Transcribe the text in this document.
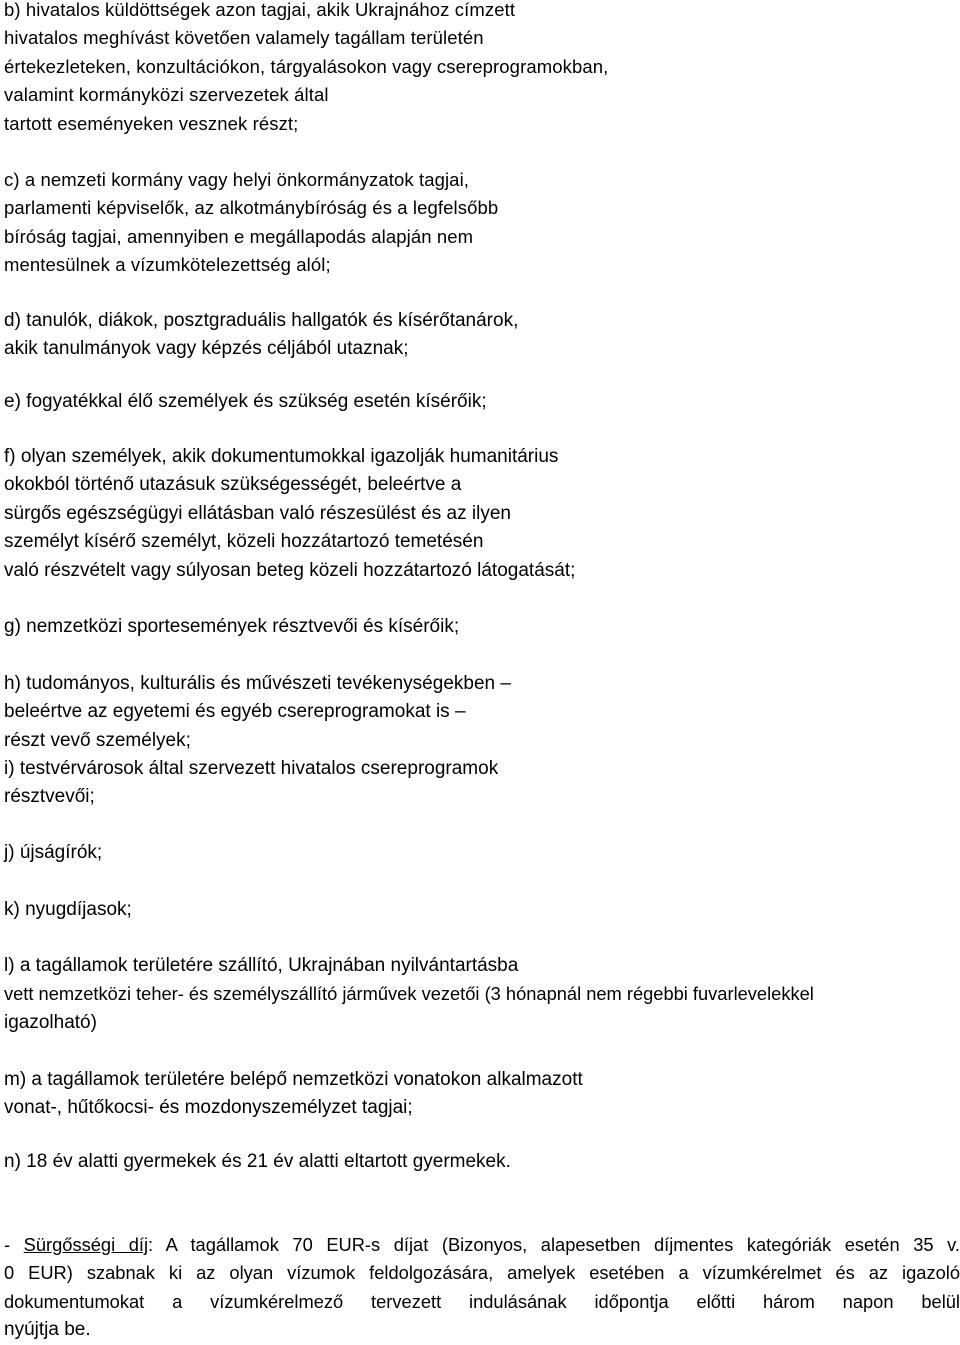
b) hivatalos küldöttségek azon tagjai, akik Ukrajnához címzett
hivatalos meghívást követően valamely tagállam területén
értekezleteken, konzultációkon, tárgyalásokon vagy csereprogramokban,
valamint kormányközi szervezetek által
tartott eseményeken vesznek részt;
c) a nemzeti kormány vagy helyi önkormányzatok tagjai,
parlamenti képviselők, az alkotmánybíróság és a legfelsőbb
bíróság tagjai, amennyiben e megállapodás alapján nem
mentesülnek a vízumkötelezettség alól;
d) tanulók, diákok, posztgraduális hallgatók és kísérőtanárok,
akik tanulmányok vagy képzés céljából utaznak;
e) fogyatékkal élő személyek és szükség esetén kísérőik;
f) olyan személyek, akik dokumentumokkal igazolják humanitárius
okokból történő utazásuk szükségességét, beleértve a
sürgős egészségügyi ellátásban való részesülést és az ilyen
személyt kísérő személyt, közeli hozzátartozó temetésén
való részvételt vagy súlyosan beteg közeli hozzátartozó látogatását;
g) nemzetközi sportesemények résztvevői és kísérőik;
h) tudományos, kulturális és művészeti tevékenységekben –
beleértve az egyetemi és egyéb csereprogramokat is –
részt vevő személyek;
i) testvérvárosok által szervezett hivatalos csereprogramok
résztvevői;
j) újságírók;
k) nyugdíjasok;
l) a tagállamok területére szállító, Ukrajnában nyilvántartásba
vett nemzetközi teher- és személyszállító járművek vezetői (3 hónapnál nem régebbi fuvarlevelekkel
igazolható)
m) a tagállamok területére belépő nemzetközi vonatokon alkalmazott
vonat-, hűtőkocsi- és mozdonyszemélyzet tagjai;
n) 18 év alatti gyermekek és 21 év alatti eltartott gyermekek.
- Sürgősségi díj: A tagállamok 70 EUR-s díjat (Bizonyos, alapesetben díjmentes kategóriák esetén 35 v.
0 EUR) szabnak ki az olyan vízumok feldolgozására, amelyek esetében a vízumkérelmet és az igazoló
dokumentumokat a vízumkérelmező tervezett indulásának időpontja előtti három napon belül
nyújtja be.
